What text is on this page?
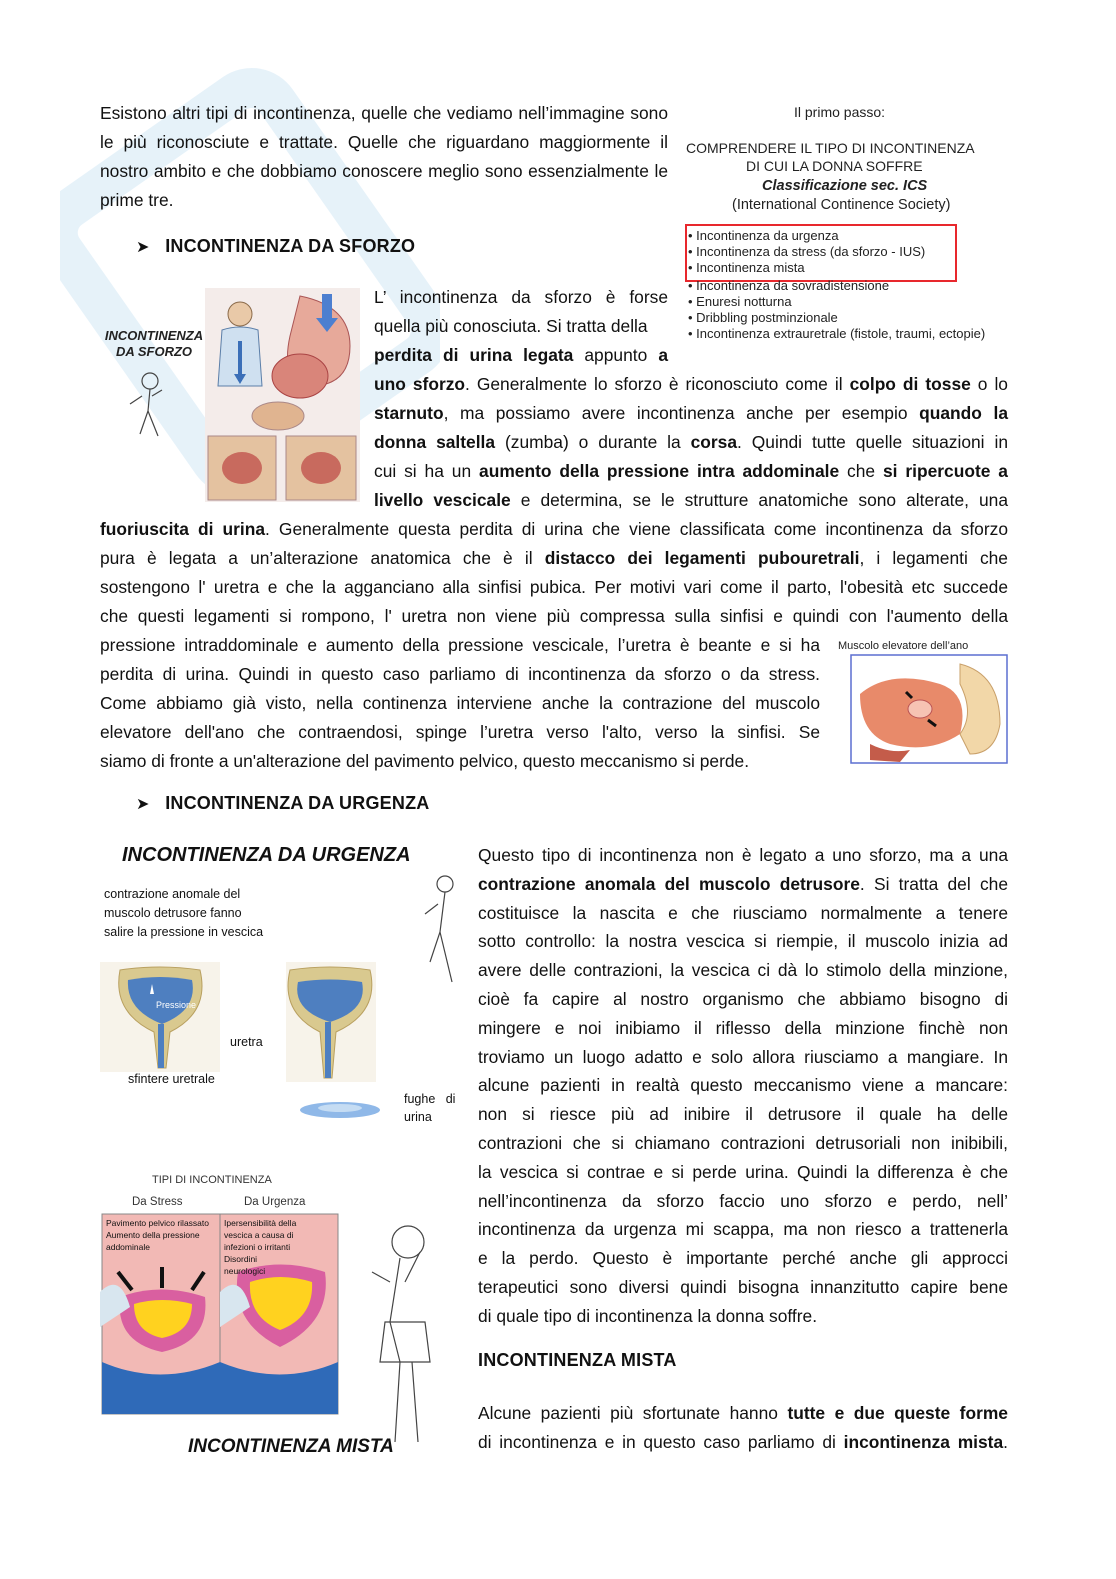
Esistono altri tipi di incontinenza, quelle che vediamo nell’immagine sono le più riconosciute e trattate. Quelle che riguardano maggiormente il nostro ambito e che dobbiamo conoscere meglio sono essenzialmente le prime tre.
Il primo passo:
COMPRENDERE IL TIPO DI INCONTINENZA
DI CUI LA DONNA SOFFRE
Classificazione sec. ICS
(International Continence Society)
• Incontinenza da urgenza
• Incontinenza da stress (da sforzo - IUS)
• Incontinenza mista
• Incontinenza da sovradistensione
• Enuresi notturna
• Dribbling postminzionale
• Incontinenza extrauretrale (fistole, traumi, ectopie)
➤ INCONTINENZA DA SFORZO
INCONTINENZA
DA SFORZO
L’ incontinenza da sforzo è forse quella più conosciuta. Si tratta della
perdita di urina legata appunto a
uno sforzo. Generalmente lo sforzo è riconosciuto come il colpo di tosse o lo
starnuto, ma possiamo avere incontinenza anche per esempio quando la
donna saltella (zumba) o durante la corsa. Quindi tutte quelle situazioni in
cui si ha un aumento della pressione intra addominale che si ripercuote a
livello vescicale e determina, se le strutture anatomiche sono alterate, una
fuoriuscita di urina. Generalmente questa perdita di urina che viene classificata come incontinenza da sforzo
pura è legata a un’alterazione anatomica che è il distacco dei legamenti pubouretrali, i legamenti che
sostengono l' uretra e che la agganciano alla sinfisi pubica. Per motivi vari come il parto, l'obesità etc succede
che questi legamenti si rompono, l' uretra non viene più compressa sulla sinfisi e quindi con l'aumento della
pressione intraddominale e aumento della pressione vescicale, l’uretra è beante e si ha
perdita di urina. Quindi in questo caso parliamo di incontinenza da sforzo o da stress.
Come abbiamo già visto, nella continenza interviene anche la contrazione del muscolo
elevatore dell'ano che contraendosi, spinge l’uretra verso l'alto, verso la sinfisi. Se
siamo di fronte a un'alterazione del pavimento pelvico, questo meccanismo si perde.
Muscolo elevatore dell’ano
➤ INCONTINENZA DA URGENZA
INCONTINENZA DA URGENZA
contrazione anomale del
muscolo detrusore fanno
salire la pressione in vescica
Pressione
uretra
sfintere uretrale
fughe   di
urina
TIPI DI INCONTINENZA
Da Stress	Da Urgenza
Pavimento pelvico rilassato
Aumento della pressione
addominale
Ipersensibilità della
vescica a causa di
infezioni o irritanti
Disordini
neurologici
INCONTINENZA MISTA
Questo tipo di incontinenza non è legato a uno sforzo, ma a una
contrazione anomala del muscolo detrusore. Si tratta del che
costituisce la nascita e che riusciamo normalmente a tenere
sotto controllo: la nostra vescica si riempie, il muscolo inizia ad
avere delle contrazioni, la vescica ci dà lo stimolo della minzione,
cioè fa capire al nostro organismo che abbiamo bisogno di
mingere e noi inibiamo il riflesso della minzione finchè non
troviamo un luogo adatto e solo allora riusciamo a mangiare. In
alcune pazienti in realtà questo meccanismo viene a mancare:
non si riesce più ad inibire il detrusore il quale ha delle
contrazioni che si chiamano contrazioni detrusoriali non inibibili,
la vescica si contrae e si perde urina. Quindi la differenza è che
nell’incontinenza da sforzo faccio uno sforzo e perdo, nell’
incontinenza da urgenza mi scappa, ma non riesco a trattenerla
e la perdo. Questo è importante perché anche gli approcci
terapeutici sono diversi quindi bisogna innanzitutto capire bene
di quale tipo di incontinenza la donna soffre.
INCONTINENZA MISTA
Alcune pazienti più sfortunate hanno tutte e due queste forme
di incontinenza e in questo caso parliamo di incontinenza mista.
